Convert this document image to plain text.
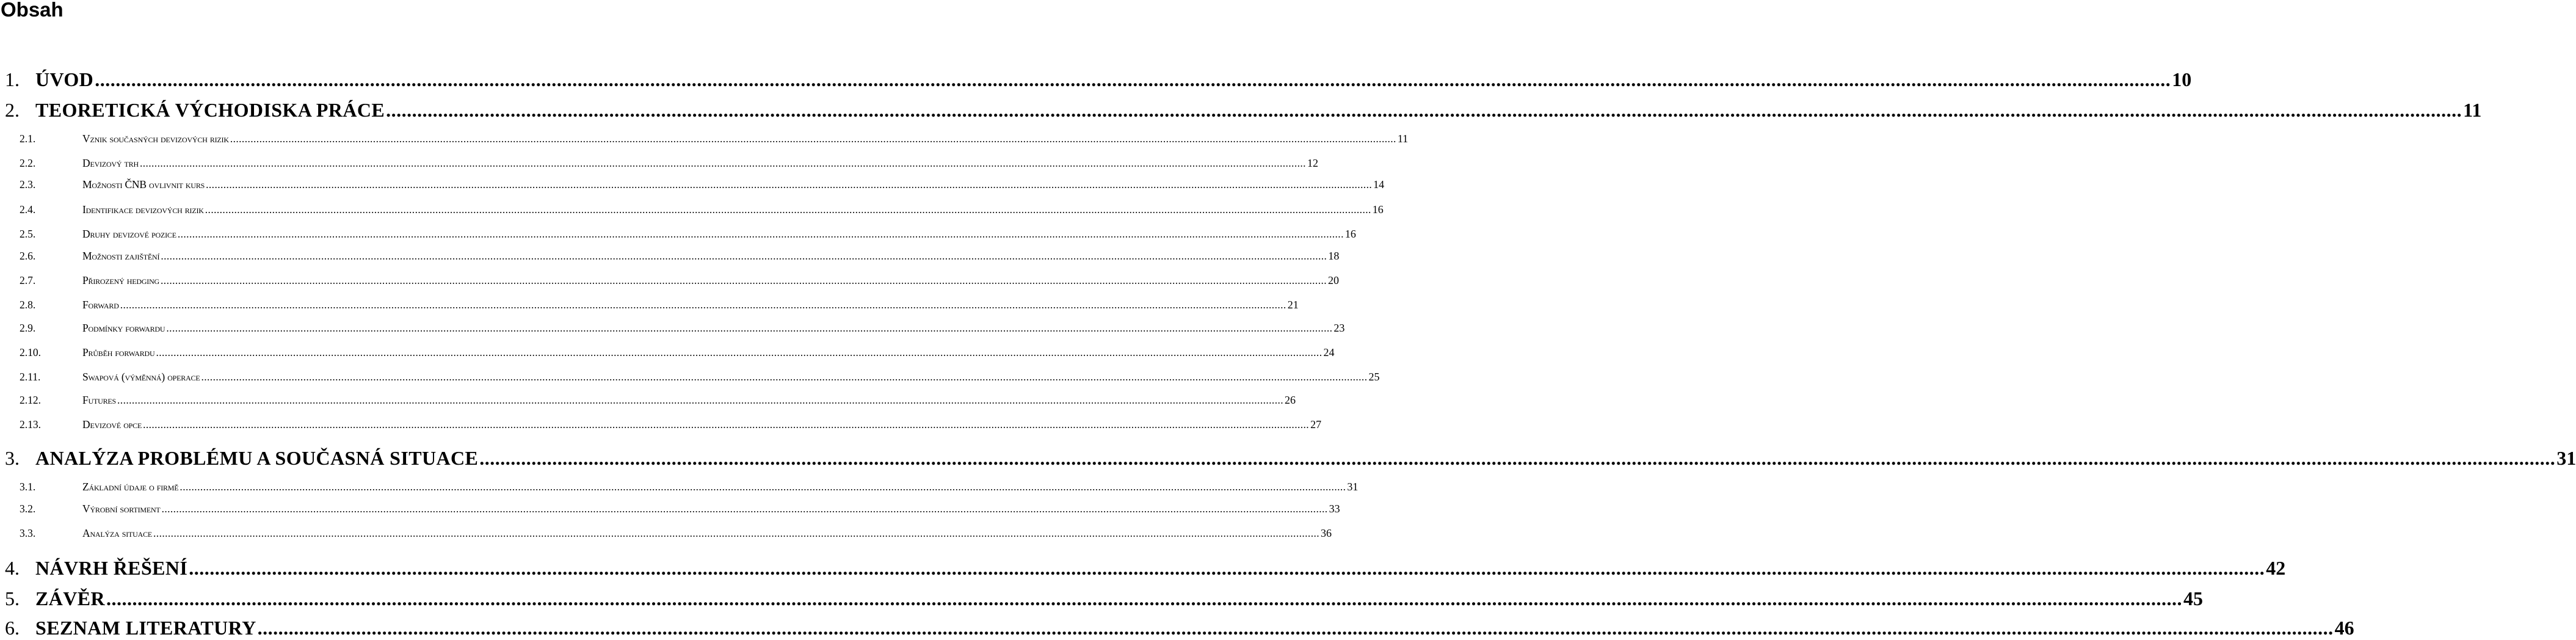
Obsah
1. ÚVOD ................................................................................................................................................................................................................................................................................................................................................................................................................ 10
2. TEORETICKÁ VÝCHODISKA PRÁCE ................................................................................................................................................................................................................................................................................................................................................................................................................ 11
2.1.	Vznik současných devizových rizik ................................................................................................................................................................................................................................................................................................................................................................................................................ 11
2.2.	Devizový trh ................................................................................................................................................................................................................................................................................................................................................................................................................ 12
2.3.	Možnosti ČNB ovlivnit kurs ................................................................................................................................................................................................................................................................................................................................................................................................................ 14
2.4.	Identifikace devizových rizik ................................................................................................................................................................................................................................................................................................................................................................................................................ 16
2.5.	Druhy devizové pozice ................................................................................................................................................................................................................................................................................................................................................................................................................ 16
2.6.	Možnosti zajištění ................................................................................................................................................................................................................................................................................................................................................................................................................ 18
2.7.	Přirozený hedging ................................................................................................................................................................................................................................................................................................................................................................................................................ 20
2.8.	Forward ................................................................................................................................................................................................................................................................................................................................................................................................................ 21
2.9.	Podmínky forwardu ................................................................................................................................................................................................................................................................................................................................................................................................................ 23
2.10.	Průběh forwardu ................................................................................................................................................................................................................................................................................................................................................................................................................ 24
2.11.	Swapová (výměnná) operace ................................................................................................................................................................................................................................................................................................................................................................................................................ 25
2.12.	Futures ................................................................................................................................................................................................................................................................................................................................................................................................................ 26
2.13.	Devizové opce ................................................................................................................................................................................................................................................................................................................................................................................................................ 27
3. ANALÝZA PROBLÉMU A SOUČASNÁ SITUACE ................................................................................................................................................................................................................................................................................................................................................................................................................ 31
3.1.	Základní údaje o firmě ................................................................................................................................................................................................................................................................................................................................................................................................................ 31
3.2.	Výrobní sortiment ................................................................................................................................................................................................................................................................................................................................................................................................................ 33
3.3.	Analýza situace ................................................................................................................................................................................................................................................................................................................................................................................................................ 36
4. NÁVRH ŘEŠENÍ ................................................................................................................................................................................................................................................................................................................................................................................................................ 42
5. ZÁVĚR ................................................................................................................................................................................................................................................................................................................................................................................................................ 45
6. SEZNAM LITERATURY ................................................................................................................................................................................................................................................................................................................................................................................................................ 46
